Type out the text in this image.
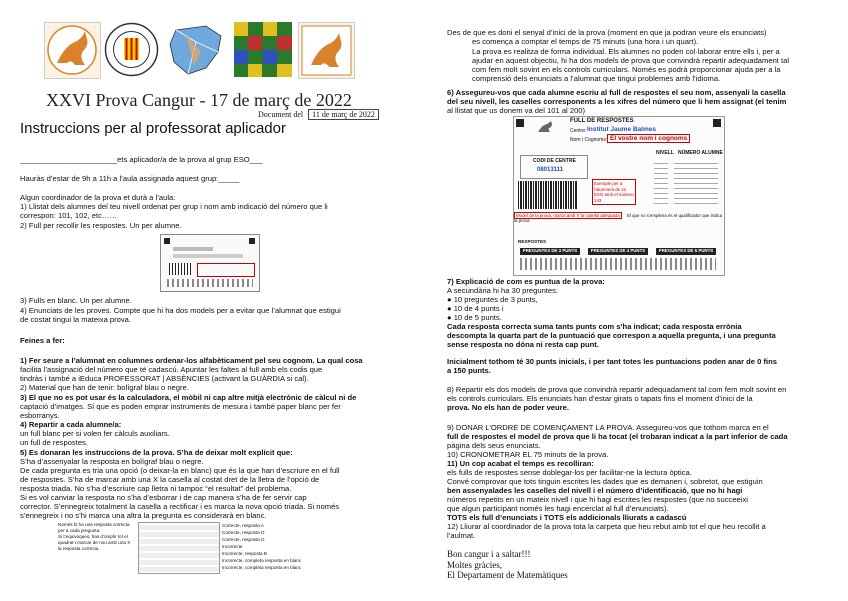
XXVI Prova Cangur - 17 de març de 2022
Document del 11 de març de 2022
Instruccions per al professorat aplicador
_______________________ets aplicador/a de la prova al grup ESO___
Hauràs d’estar de 9h a 11h a l’aula assignada aquest grup:_____
Algun coordinador de la prova et durà a l’aula:
1) Llistat dels alumnes del teu nivell ordenat per grup i nom amb indicació del número que li
correspon: 101, 102, etc……
2) Full per recollir les respostes. Un per alumne.
3) Fulls en blanc. Un per alumne.
4) Enunciats de les proves. Compte que hi ha dos models per a evitar que l’alumnat que estigui
de costat tingui la mateixa prova.
Feines a fer:
1) Fer seure a l’alumnat en columnes ordenar-los alfabèticament pel seu cognom. La qual cosa
facilita l’assignació del número que té cadascú. Apuntar les faltes al full amb els codis que
tindràs i també a iEduca PROFESSORAT | ABSÈNCIES (activant la GUÀRDIA si cal).
2) Material que han de tenir: bolígraf blau o negre.
3) El que no es pot usar és la calculadora, el mòbil ni cap altre mitjà electrònic de càlcul ni de
captació d’imatges. Sí que es poden emprar instruments de mesura i també paper blanc per fer
esborranys.
4) Repartir a cada alumne/a:
un full blanc per si volen fer càlculs auxiliars.
un full de respostes.
5) Es donaran les instruccions de la prova. S’ha de deixar molt explícit que:
S’ha d’assenyalar la resposta en bolígraf blau o negre.
De cada pregunta es tria una opció (o deixar-la en blanc) que és la que han d’escriure en el full
de respostes. S’ha de marcar amb una X la casella al costat dret de la lletra de l’opció de
resposta triada. No s’ha d’escriure cap lletra ni tampoc “el resultat” del problema.
Si es vol canviar la resposta no s’ha d’esborrar i de cap manera s’ha de fer servir cap
corrector. S’ennegreix totalment la casella a rectificar i es marca la nova opció triada. Si només
s’ennegreix i no s’hi marca una altra la pregunta es considerarà en blanc.
Només hi ha una resposta correcta
per a cada pregunta.
Si t’equivoques, has d’omplir tot el
quadrat i marcar de nou amb una X
la resposta correcta.
Correcte, resposta A
Correcte, resposta D
Correcte, resposta D
Incorrecte
Incorrecte, resposta B
Incorrecte, completa resposta en blanc
Incorrecte, completa resposta en blanc
Des de que es doni el senyal d’inici de la prova (moment en que ja podran veure els enunciats)
es comença a comptar el temps de 75 minuts (una hora i un quart).
La prova es realitza de forma individual. Els alumnes no poden col·laborar entre ells i, per a
ajudar en aquest objectiu, hi ha dos models de prova que convindrà repartir adequadament tal
com fem molt sovint en els controls curriculars. Només es podrà proporcionar ajuda per a la
comprensió dels enunciats a l’alumnat que tingui problemes amb l’idioma.
6) Assegureu-vos que cada alumne escriu al full de respostes el seu nom, assenyali la casella
del seu nivell, les caselles corresponents a les xifres del número que li hem assignat (el tenim
al llistat que us donem va del 101 al 200)
FULL DE RESPOSTES
Centre: Institut Jaume Balmes
Nom i Cognoms: El vostre nom i cognoms
NIVELL NÚMERO ALUMNE
CODI DE CENTRE
08013111
Exemple per a l’alumne/a de 2n ESO amb el número 143
Model de la prova, marca amb X la casella adequada El que no s’emplena és el qualificador que indica la prova
RESPOSTES
PREGUNTES DE 3 PUNTS	PREGUNTES DE 4 PUNTS	PREGUNTES DE 5 PUNTS
7) Explicació de com es puntua de la prova:
A secundària hi ha 30 preguntes:
● 10 preguntes de 3 punts,
● 10 de 4 punts i
● 10 de 5 punts.
Cada resposta correcta suma tants punts com s’ha indicat; cada resposta errònia
descompta la quarta part de la puntuació que correspon a aquella pregunta, i una pregunta
sense resposta no dóna ni resta cap punt.
Inicialment tothom té 30 punts inicials, i per tant totes les puntuacions poden anar de 0 fins
a 150 punts.
8) Repartir els dos models de prova que convindrà repartir adequadament tal com fem molt sovint en
els controls curriculars. Els enunciats han d’estar girats o tapats fins el moment d’inici de la
prova. No els han de poder veure.
9) DONAR L’ORDRE DE COMENÇAMENT LA PROVA. Assegureu-vos que tothom marca en el
full de respostes el model de prova que li ha tocat (el trobaran indicat a la part inferior de cada
pàgina dels seus enunciats.
10) CRONOMETRAR EL 75 minuts de la prova.
11) Un cop acabat el temps es recolliran:
els fulls de respostes sense doblegar-los per facilitar-ne la lectura òptica.
Convé comprovar que tots tinguin escrites les dades que es demanen i, sobretot, que estiguin
ben assenyalades les caselles del nivell i el número d’identificació, que no hi hagi
números repetits en un mateix nivell i que hi hagi escrites les respostes (que no succeeixi
que algun participant només les hagi encerclat al full d’enunciats).
TOTS els full d’enunciats i TOTS els addicionals lliurats a cadascú
12) Lliurar al coordinador de la prova tota la carpeta que heu rebut amb tot el que heu recollit a
l’aulmat.
Bon cangur i a saltar!!!
Moltes gràcies,
El Departament de Matemàtiques
